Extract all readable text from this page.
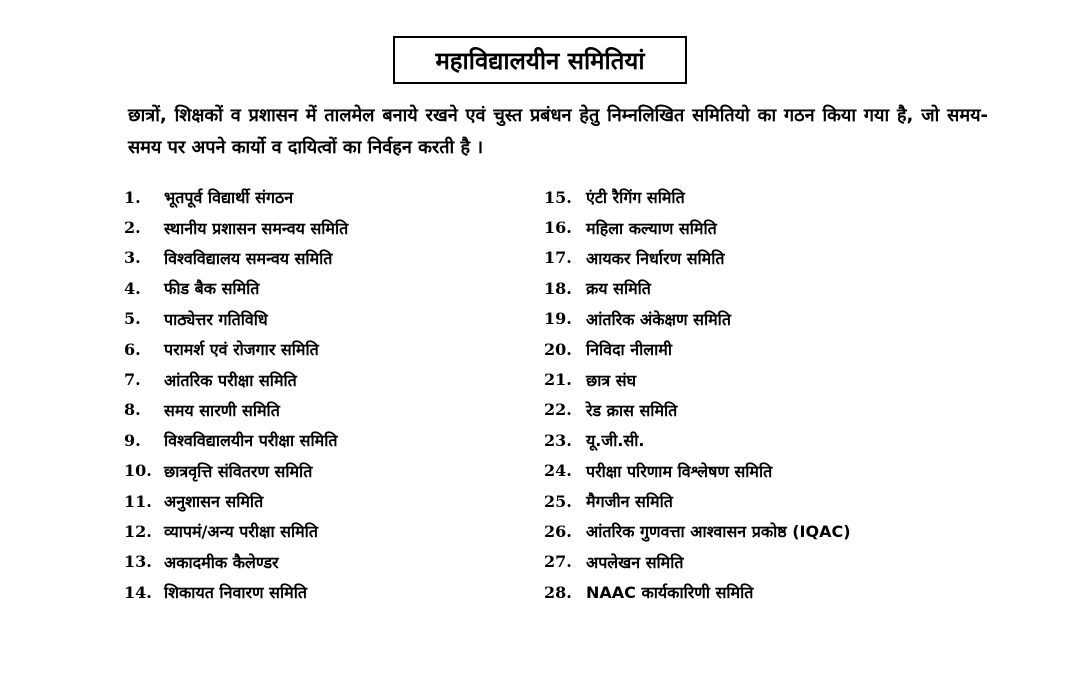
महाविद्यालयीन समितियां

छात्रों, शिक्षकों व प्रशासन में तालमेल बनाये रखने एवं चुस्त प्रबंधन हेतु निम्नलिखित समितियो का गठन किया गया है, जो समय-समय पर अपने कार्यो व दायित्वों का निर्वहन करती है ।

1.	भूतपूर्व विद्यार्थी संगठन
2.	स्थानीय प्रशासन समन्वय समिति
3.	विश्वविद्यालय समन्वय समिति
4.	फीड बैक समिति
5.	पाठ्येत्तर गतिविधि
6.	परामर्श एवं रोजगार समिति
7.	आंतरिक परीक्षा समिति
8.	समय सारणी समिति
9.	विश्वविद्यालयीन परीक्षा समिति
10. छात्रवृत्ति संवितरण समिति
11. अनुशासन समिति
12. व्यापमं/अन्य परीक्षा समिति
13. अकादमीक कैलेण्डर
14. शिकायत निवारण समिति
15. एंटी रैगिंग समिति
16. महिला कल्याण समिति
17. आयकर निर्धारण समिति
18. क्रय समिति
19. आंतरिक अंकेक्षण समिति
20. निविदा नीलामी
21. छात्र संघ
22. रेड क्रास समिति
23. यू.जी.सी.
24. परीक्षा परिणाम विश्लेषण समिति
25. मैगजीन समिति
26. आंतरिक गुणवत्ता आश्वासन प्रकोष्ठ (IQAC)
27. अपलेखन समिति
28. NAAC कार्यकारिणी समिति
